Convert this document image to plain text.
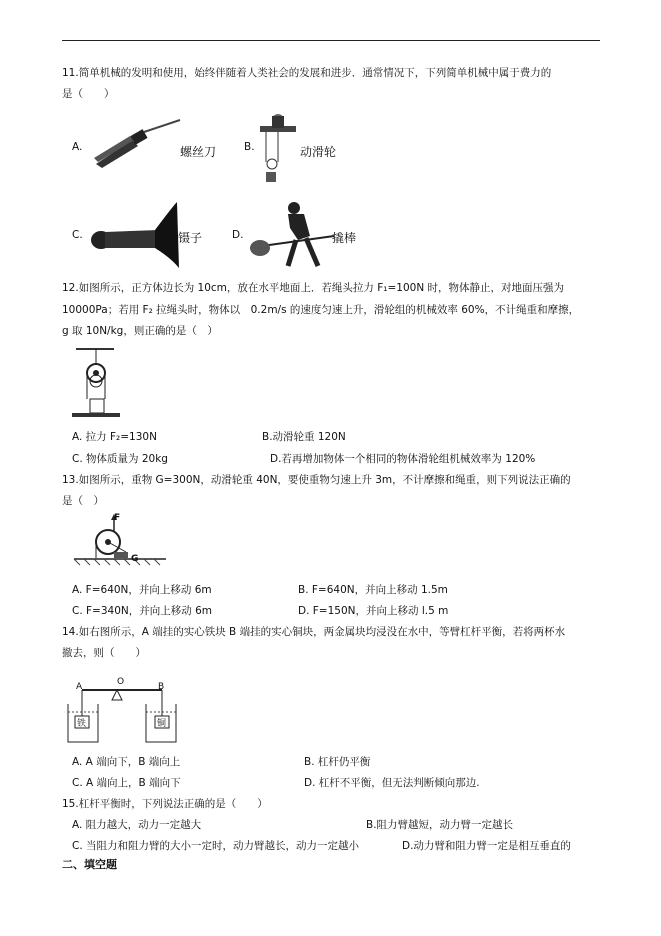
11.简单机械的发明和使用，始终伴随着人类社会的发展和进步．通常情况下，下列简单机械中属于费力的
是（　　）
A.	螺丝刀	B.	动滑轮
C.	镊子	D.	撬棒
12.如图所示，正方体边长为 10cm，放在水平地面上．若绳头拉力 F₁=100N 时，物体静止，对地面压强为
10000Pa；若用 F₂ 拉绳头时，物体以　0.2m/s 的速度匀速上升，滑轮组的机械效率 60%，不计绳重和摩擦，
g 取 10N/kg，则正确的是（　）
A. 拉力 F₂=130N	B.动滑轮重 120N
C. 物体质量为 20kg	D.若再增加物体一个相同的物体滑轮组机械效率为 120%
13.如图所示，重物 G=300N，动滑轮重 40N，要使重物匀速上升 3m，不计摩擦和绳重，则下列说法正确的
是（　）
F
G
A. F=640N，并向上移动 6m	B. F=640N，并向上移动 1.5m
C. F=340N，并向上移动 6m	D. F=150N，并向上移动 l.5 m
14.如右图所示，A 端挂的实心铁块 B 端挂的实心铜块，两金属块均浸没在水中，等臂杠杆平衡，若将两杯水
撤去，则（　　）
A	O	B
铁	铜
A. A 端向下，B 端向上	B. 杠杆仍平衡
C. A 端向上，B 端向下	D. 杠杆不平衡，但无法判断倾向那边.
15.杠杆平衡时，下列说法正确的是（　　）
A. 阻力越大，动力一定越大	B.阻力臂越短，动力臂一定越长
C. 当阻力和阻力臂的大小一定时，动力臂越长，动力一定越小	D.动力臂和阻力臂一定是相互垂直的
二、填空题
